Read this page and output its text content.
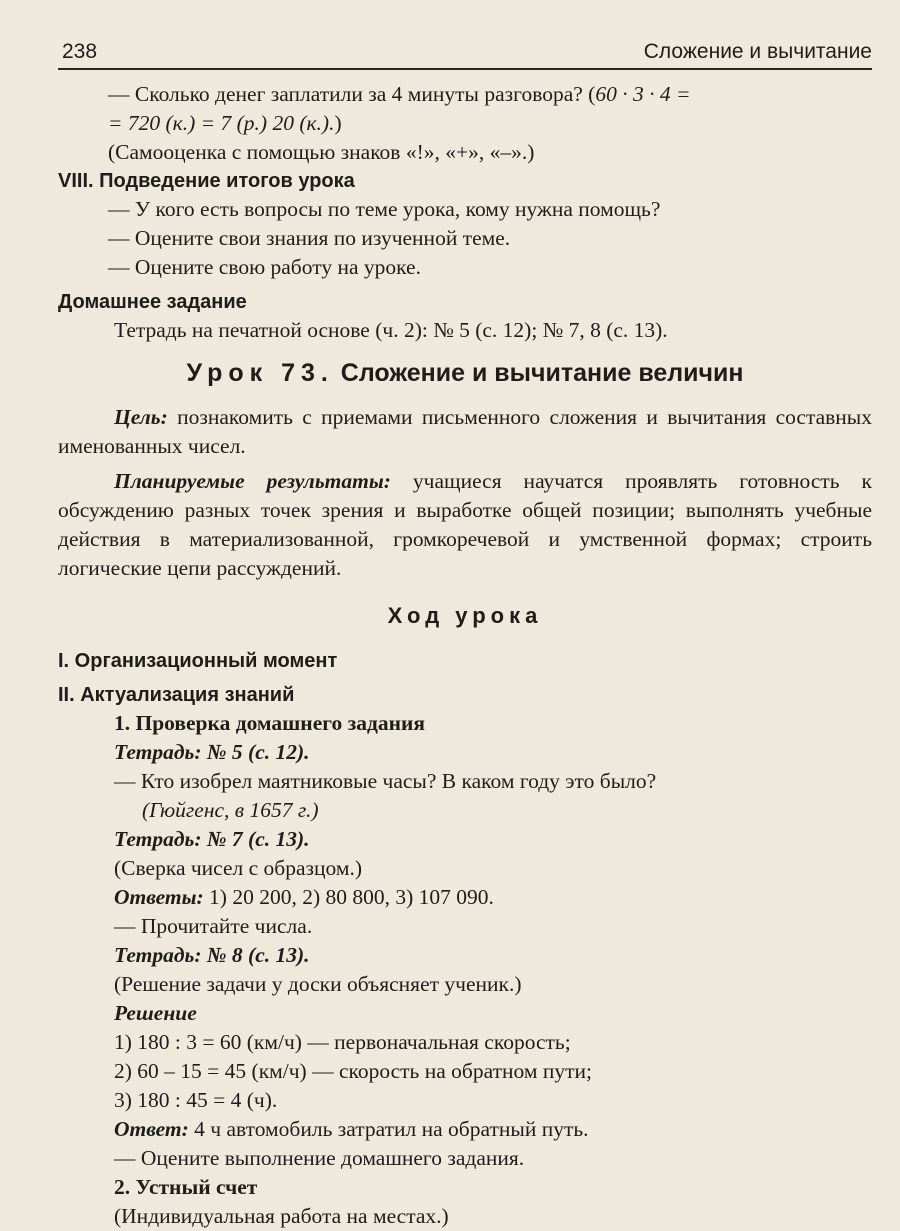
238	Сложение и вычитание
— Сколько денег заплатили за 4 минуты разговора? (60 · 3 · 4 =
= 720 (к.) = 7 (р.) 20 (к.).)
(Самооценка с помощью знаков «!», «+», «–».)
VIII. Подведение итогов урока
— У кого есть вопросы по теме урока, кому нужна помощь?
— Оцените свои знания по изученной теме.
— Оцените свою работу на уроке.
Домашнее задание
Тетрадь на печатной основе (ч. 2): № 5 (с. 12); № 7, 8 (с. 13).
Урок 73. Сложение и вычитание величин

Цель: познакомить с приемами письменного сложения и вычитания составных именованных чисел.

Планируемые результаты: учащиеся научатся проявлять готовность к обсуждению разных точек зрения и выработке общей позиции; выполнять учебные действия в материализованной, громкоречевой и умственной формах; строить логические цепи рассуждений.

Ход урока
I. Организационный момент
II. Актуализация знаний
1. Проверка домашнего задания
Тетрадь: № 5 (с. 12).
— Кто изобрел маятниковые часы? В каком году это было?
(Гюйгенс, в 1657 г.)
Тетрадь: № 7 (с. 13).
(Сверка чисел с образцом.)
Ответы: 1) 20 200, 2) 80 800, 3) 107 090.
— Прочитайте числа.
Тетрадь: № 8 (с. 13).
(Решение задачи у доски объясняет ученик.)
Решение
1) 180 : 3 = 60 (км/ч) — первоначальная скорость;
2) 60 – 15 = 45 (км/ч) — скорость на обратном пути;
3) 180 : 45 = 4 (ч).
Ответ: 4 ч автомобиль затратил на обратный путь.
— Оцените выполнение домашнего задания.
2. Устный счет
(Индивидуальная работа на местах.)
